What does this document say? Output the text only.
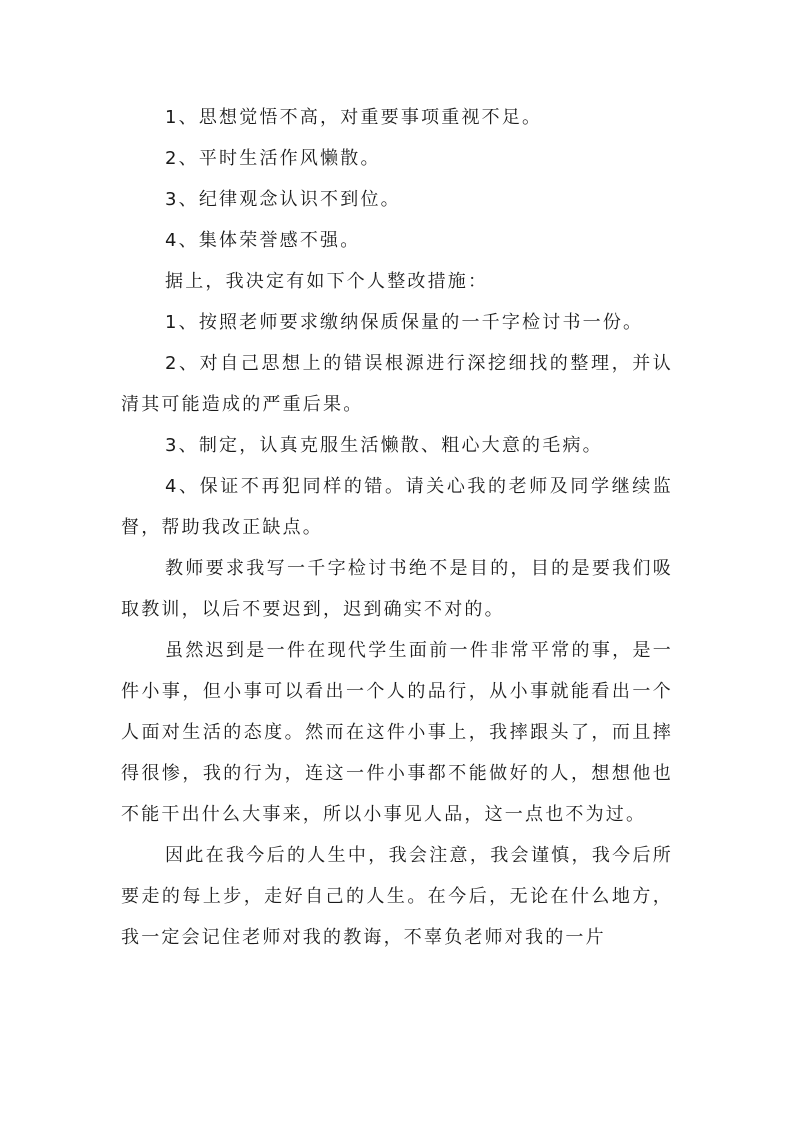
1、思想觉悟不高，对重要事项重视不足。

2、平时生活作风懒散。

3、纪律观念认识不到位。

4、集体荣誉感不强。

据上，我决定有如下个人整改措施：

1、按照老师要求缴纳保质保量的一千字检讨书一份。

2、对自己思想上的错误根源进行深挖细找的整理，并认清其可能造成的严重后果。

3、制定，认真克服生活懒散、粗心大意的毛病。

4、保证不再犯同样的错。请关心我的老师及同学继续监督，帮助我改正缺点。

教师要求我写一千字检讨书绝不是目的，目的是要我们吸取教训，以后不要迟到，迟到确实不对的。

虽然迟到是一件在现代学生面前一件非常平常的事，是一件小事，但小事可以看出一个人的品行，从小事就能看出一个人面对生活的态度。然而在这件小事上，我摔跟头了，而且摔得很惨，我的行为，连这一件小事都不能做好的人，想想他也不能干出什么大事来，所以小事见人品，这一点也不为过。

因此在我今后的人生中，我会注意，我会谨慎，我今后所要走的每上步，走好自己的人生。在今后，无论在什么地方，我一定会记住老师对我的教诲，不辜负老师对我的一片
